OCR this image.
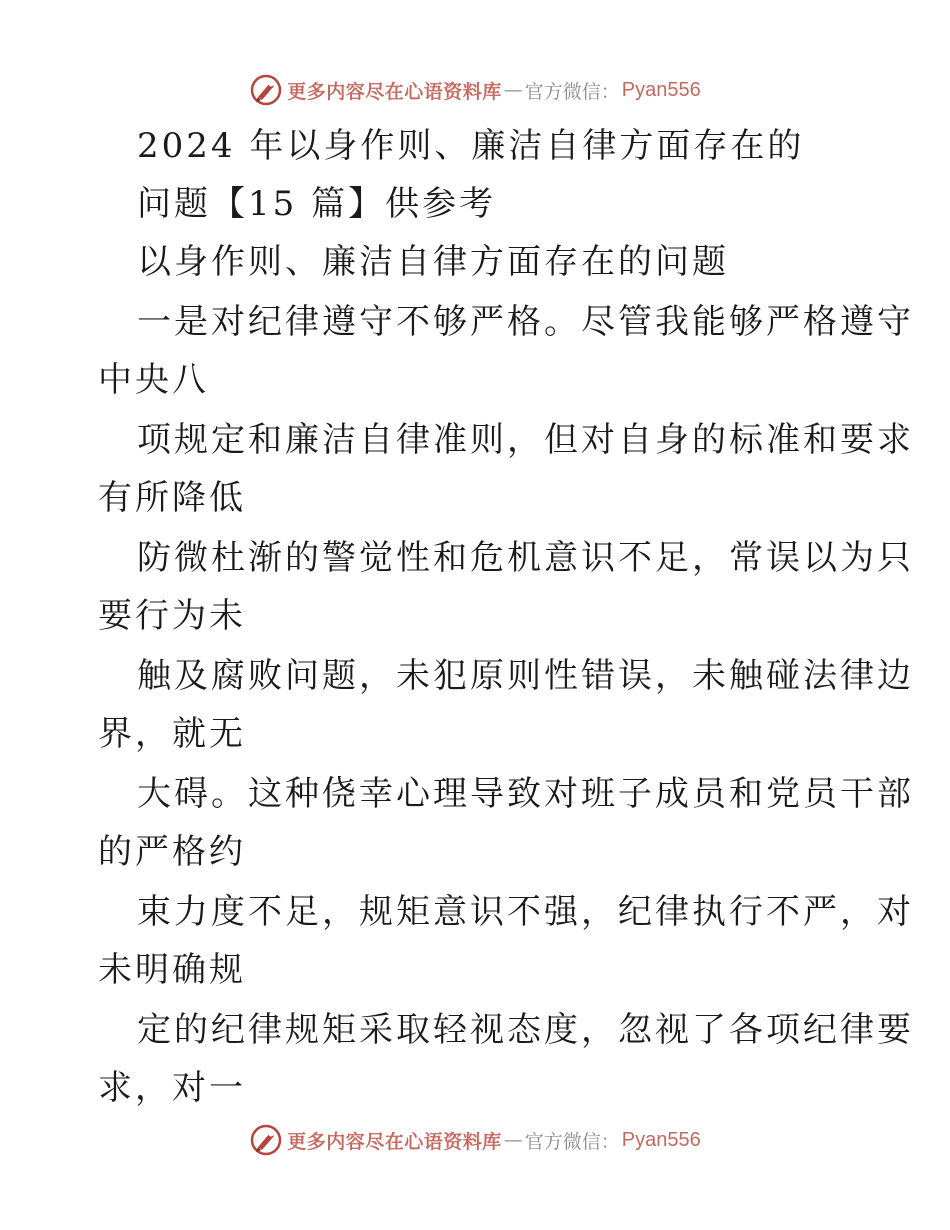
更多内容尽在心语资料库 — 官方微信： Pyan556
2024 年以身作则、廉洁自律方面存在的
问题【15 篇】供参考
以身作则、廉洁自律方面存在的问题
一是对纪律遵守不够严格。尽管我能够严格遵守
中央八
项规定和廉洁自律准则，但对自身的标准和要求
有所降低
防微杜渐的警觉性和危机意识不足，常误以为只
要行为未
触及腐败问题，未犯原则性错误，未触碰法律边
界，就无
大碍。这种侥幸心理导致对班子成员和党员干部
的严格约
束力度不足，规矩意识不强，纪律执行不严，对
未明确规
定的纪律规矩采取轻视态度，忽视了各项纪律要
求，对一
更多内容尽在心语资料库 — 官方微信： Pyan556
